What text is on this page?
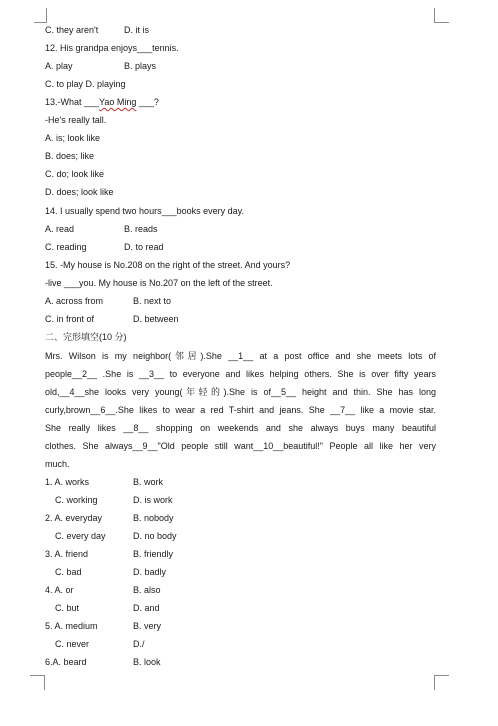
C. they aren't	D. it is
12. His grandpa enjoys___tennis.
A. play	B. plays
C. to play D. playing
13.-What ___Yao Ming ___?
-He's really tall.
A. is; look like
B. does; like
C. do; look like
D. does; look like
14. I usually spend two hours___books every day.
A. read	B. reads
C. reading	D. to read
15. -My house is No.208 on the right of the street. And yours?
-live ___you. My house is No.207 on the left of the street.
A. across from	B. next to
C. in front of	D. between
二、完形填空(10 分)
Mrs. Wilson is my neighbor(邻居).She __1__ at a post office and she meets lots of
people__2__ .She is __3__ to everyone and likes helping others. She is over fifty years
old,__4__she looks very young(年轻的).She is of__5__ height and thin. She has long
curly,brown__6__.She likes to wear a red T-shirt and jeans. She __7__ like a movie star.
She really likes __8__ shopping on weekends and she always buys many beautiful
clothes. She always__9__"Old people still want__10__beautiful!" People all like her very
much.
1. A. works	B. work
C. working	D. is work
2. A. everyday	B. nobody
C. every day	D. no body
3. A. friend	B. friendly
C. bad	D. badly
4. A. or	B. also
C. but	D. and
5. A. medium	B. very
C. never	D./
6.A. beard	B. look
